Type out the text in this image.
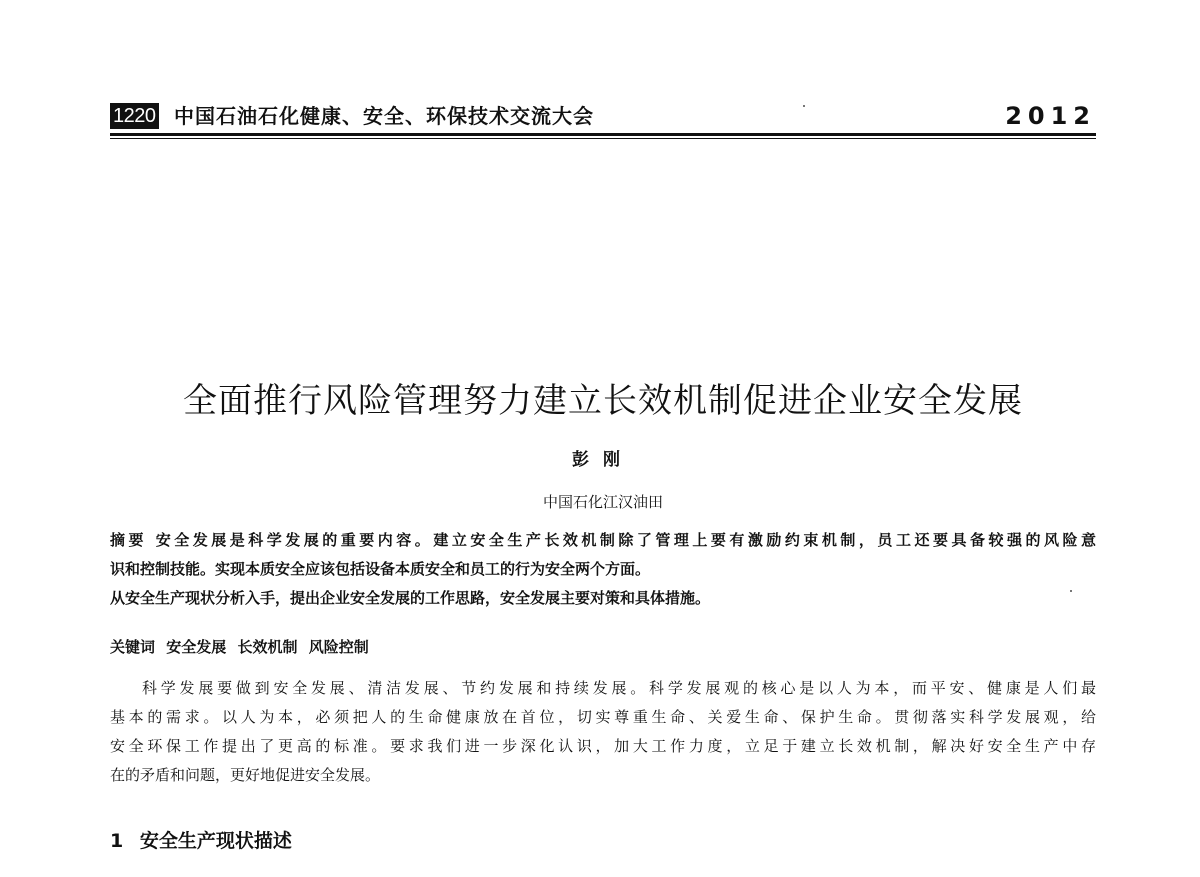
1220 中国石油石化健康、安全、环保技术交流大会	2012
全面推行风险管理努力建立长效机制促进企业安全发展
彭刚
中国石化江汉油田
摘要 安全发展是科学发展的重要内容。建立安全生产长效机制除了管理上要有激励约束机制，员工还要具备较强的风险意
识和控制技能。实现本质安全应该包括设备本质安全和员工的行为安全两个方面。
从安全生产现状分析入手，提出企业安全发展的工作思路，安全发展主要对策和具体措施。
关键词 安全发展 长效机制 风险控制
科学发展要做到安全发展、清洁发展、节约发展和持续发展。科学发展观的核心是以人为本，而平安、健康是人们最
基本的需求。以人为本，必须把人的生命健康放在首位，切实尊重生命、关爱生命、保护生命。贯彻落实科学发展观，给
安全环保工作提出了更高的标准。要求我们进一步深化认识，加大工作力度，立足于建立长效机制，解决好安全生产中存
在的矛盾和问题，更好地促进安全发展。
1 安全生产现状描述
